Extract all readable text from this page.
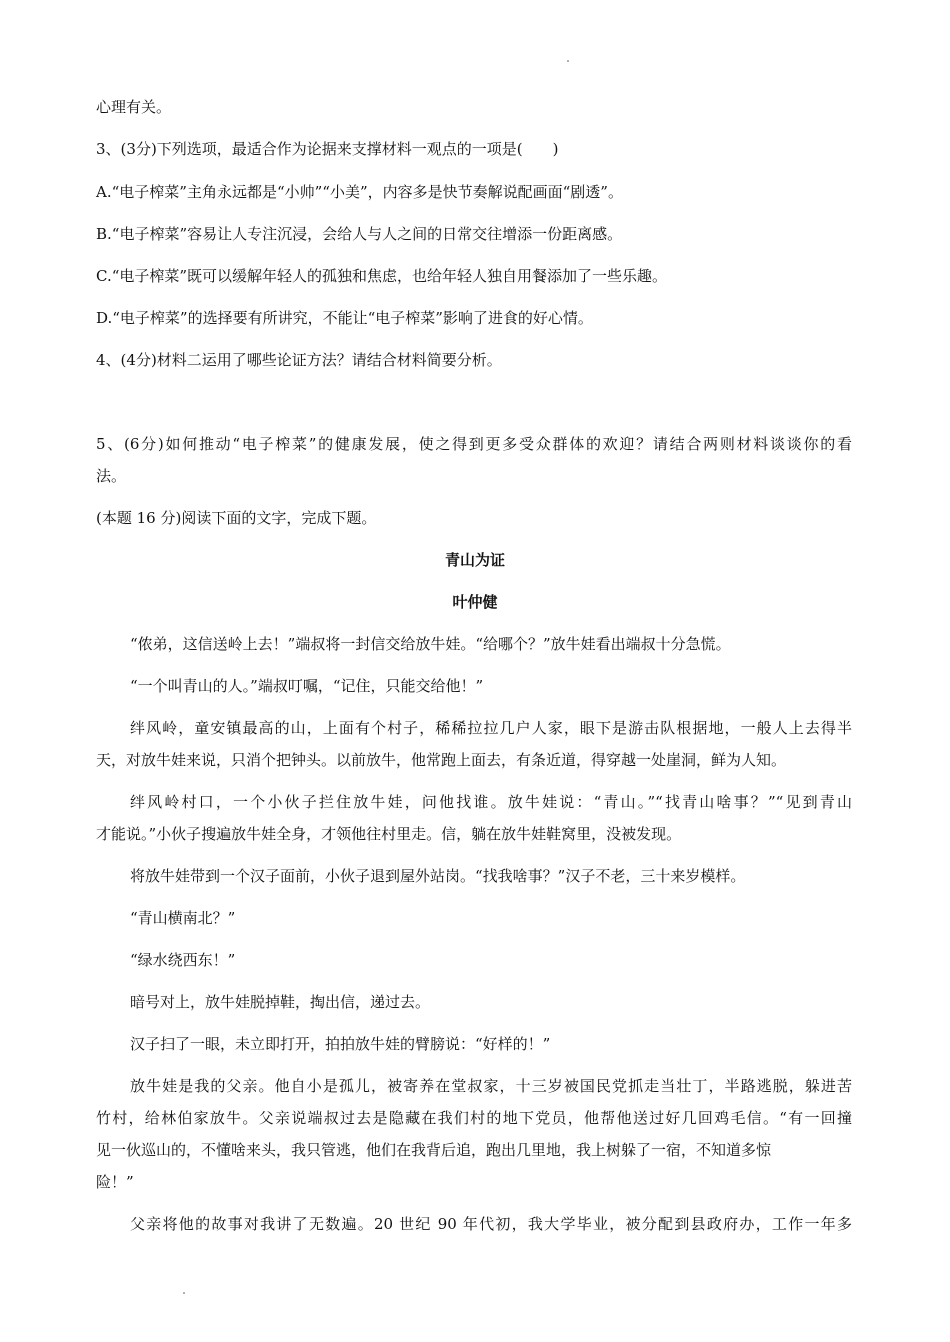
心理有关。
3、(3分)下列选项，最适合作为论据来支撑材料一观点的一项是(　　)
A.“电子榨菜”主角永远都是“小帅”“小美”，内容多是快节奏解说配画面“剧透”。
B.“电子榨菜”容易让人专注沉浸，会给人与人之间的日常交往增添一份距离感。
C.“电子榨菜”既可以缓解年轻人的孤独和焦虑，也给年轻人独自用餐添加了一些乐趣。
D.“电子榨菜”的选择要有所讲究，不能让“电子榨菜”影响了进食的好心情。
4、(4分)材料二运用了哪些论证方法？请结合材料简要分析。
5、(6分)如何推动“电子榨菜”的健康发展，使之得到更多受众群体的欢迎？请结合两则材料谈谈你的看
法。
(本题 16 分)阅读下面的文字，完成下题。
青山为证
叶仲健
“侬弟，这信送岭上去！”端叔将一封信交给放牛娃。“给哪个？”放牛娃看出端叔十分急慌。
“一个叫青山的人。”端叔叮嘱，“记住，只能交给他！”
绊风岭，童安镇最高的山，上面有个村子，稀稀拉拉几户人家，眼下是游击队根据地，一般人上去得半
天，对放牛娃来说，只消个把钟头。以前放牛，他常跑上面去，有条近道，得穿越一处崖洞，鲜为人知。
绊风岭村口，一个小伙子拦住放牛娃，问他找谁。放牛娃说：“青山。”“找青山啥事？”“见到青山
才能说。”小伙子搜遍放牛娃全身，才领他往村里走。信，躺在放牛娃鞋窝里，没被发现。
将放牛娃带到一个汉子面前，小伙子退到屋外站岗。“找我啥事？”汉子不老，三十来岁模样。
“青山横南北？”
“绿水绕西东！”
暗号对上，放牛娃脱掉鞋，掏出信，递过去。
汉子扫了一眼，未立即打开，拍拍放牛娃的臂膀说：“好样的！”
放牛娃是我的父亲。他自小是孤儿，被寄养在堂叔家，十三岁被国民党抓走当壮丁，半路逃脱，躲进苦
竹村，给林伯家放牛。父亲说端叔过去是隐藏在我们村的地下党员，他帮他送过好几回鸡毛信。“有一回撞
见一伙巡山的，不懂啥来头，我只管逃，他们在我背后追，跑出几里地，我上树躲了一宿，不知道多惊
险！”
父亲将他的故事对我讲了无数遍。20 世纪 90 年代初，我大学毕业，被分配到县政府办，工作一年多
